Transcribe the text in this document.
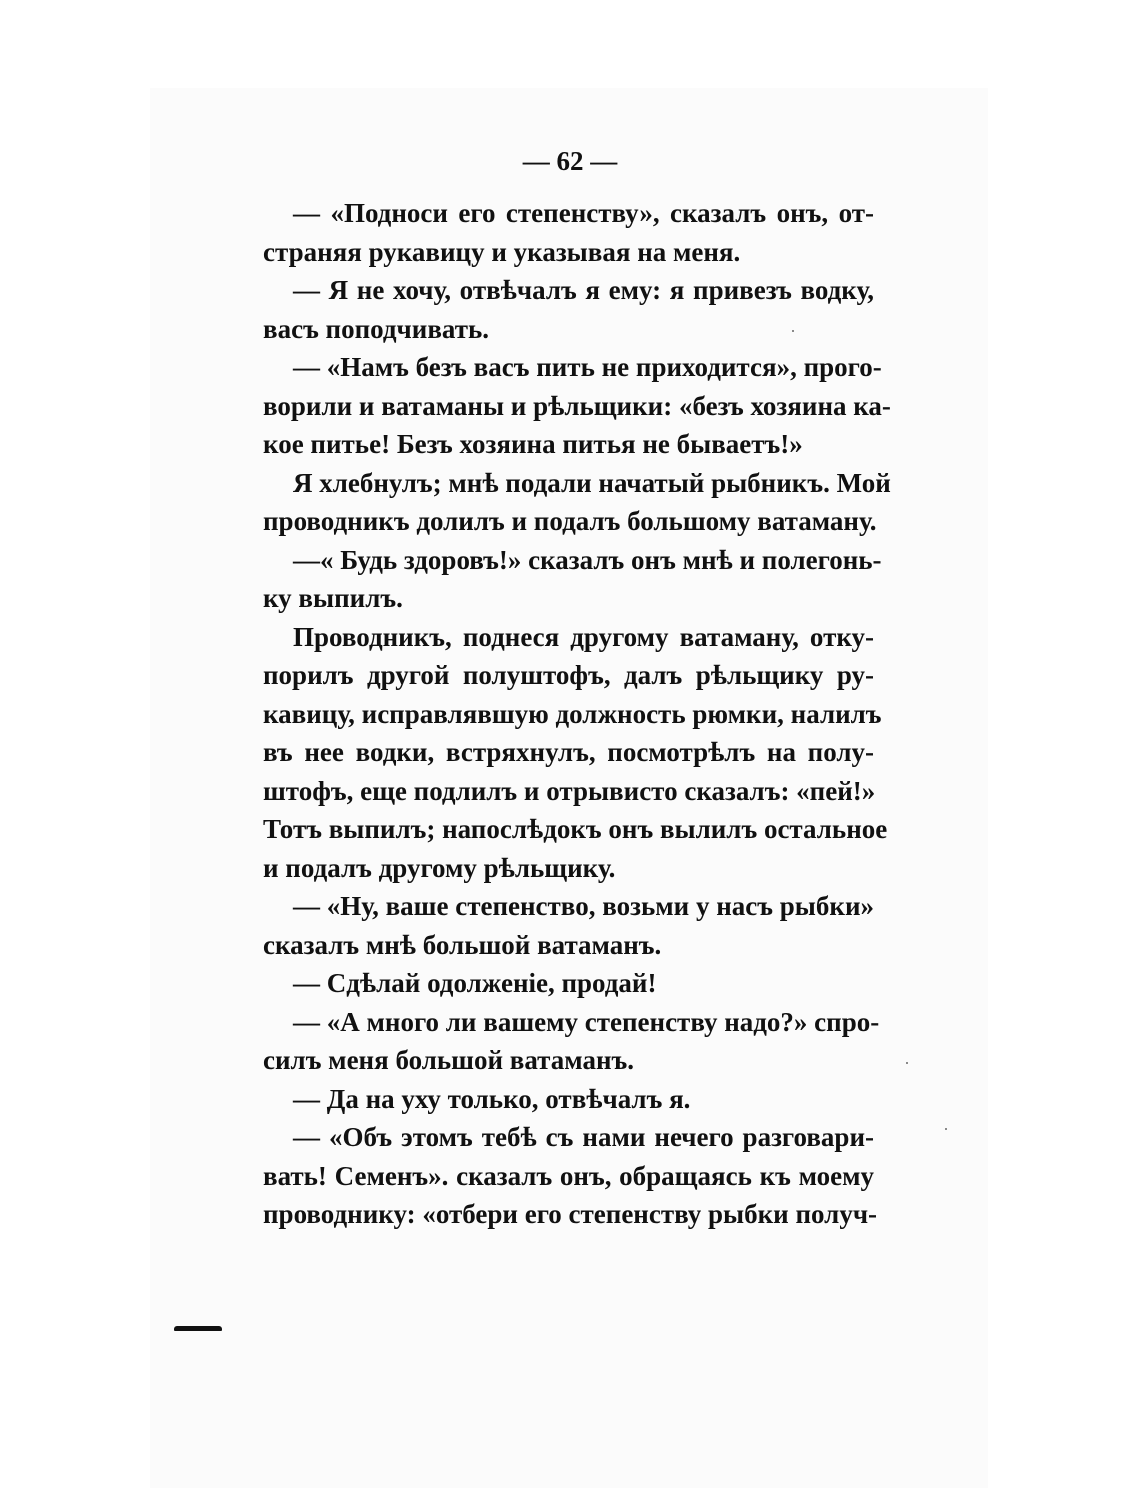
— 62 —

— «Подноси его степенству», сказалъ онъ, от-

страняя рукавицу и указывая на меня.

— Я не хочу, отвѣчалъ я ему: я привезъ водку,

васъ поподчивать.

— «Намъ безъ васъ пить не приходится», прого-

ворили и ватаманы и рѣльщики: «безъ хозяина ка-

кое питье! Безъ хозяина питья не бываетъ!»

Я хлебнулъ; мнѣ подали начатый рыбникъ. Мой

проводникъ долилъ и подалъ большому ватаману.

—« Будь здоровъ!» сказалъ онъ мнѣ и полегонь-

ку выпилъ.

Проводникъ, поднеся другому ватаману, отку-

порилъ другой полуштофъ, далъ рѣльщику ру-

кавицу, исправлявшую должность рюмки, налилъ

въ нее водки, встряхнулъ, посмотрѣлъ на полу-

штофъ, еще подлилъ и отрывисто сказалъ: «пей!»

Тотъ выпилъ; напослѣдокъ онъ вылилъ остальное

и подалъ другому рѣльщику.

— «Ну, ваше степенство, возьми у насъ рыбки»

сказалъ мнѣ большой ватаманъ.

— Сдѣлай одолженіе, продай!

— «А много ли вашему степенству надо?» спро-

силъ меня большой ватаманъ.

— Да на уху только, отвѣчалъ я.

— «Объ этомъ тебѣ съ нами нечего разговари-

вать! Семенъ». сказалъ онъ, обращаясь къ моему

проводнику: «отбери его степенству рыбки получ-
